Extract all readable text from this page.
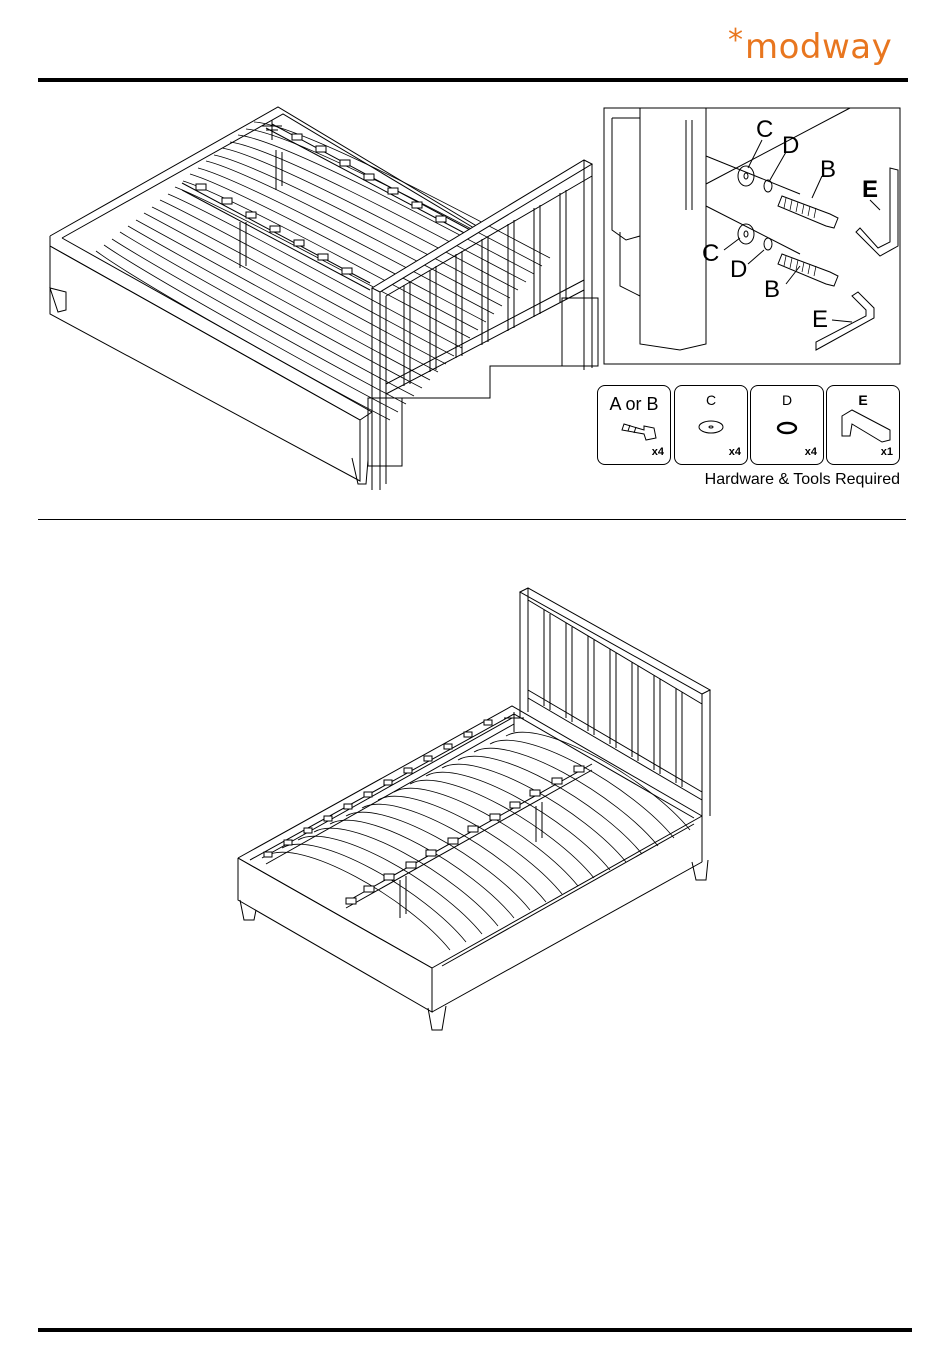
* modway
C
D
B
E
C
D
B
E
A or B
x4
C
x4
D
x4
E
x1
Hardware & Tools Required
